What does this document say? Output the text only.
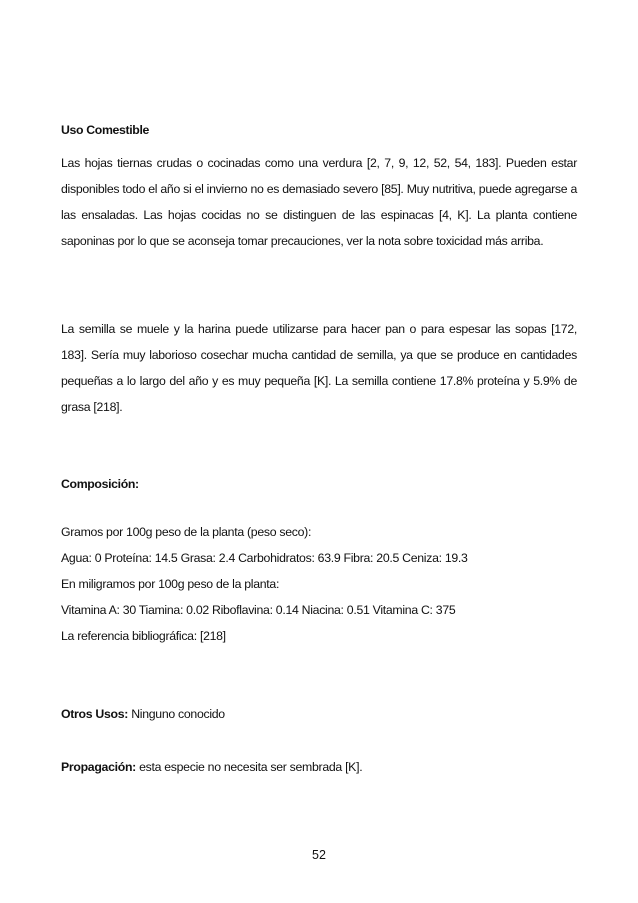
Uso Comestible

Las hojas tiernas crudas o cocinadas como una verdura [2, 7, 9, 12, 52, 54, 183]. Pueden estar disponibles todo el año si el invierno no es demasiado severo [85]. Muy nutritiva, puede agregarse a las ensaladas. Las hojas cocidas no se distinguen de las espinacas [4, K]. La planta contiene saponinas por lo que se aconseja tomar precauciones, ver la nota sobre toxicidad más arriba.

La semilla se muele y la harina puede utilizarse para hacer pan o para espesar las sopas [172, 183]. Sería muy laborioso cosechar mucha cantidad de semilla, ya que se produce en cantidades pequeñas a lo largo del año y es muy pequeña [K]. La semilla contiene 17.8% proteína y 5.9% de grasa [218].

Composición:

Gramos por 100g peso de la planta (peso seco):

Agua: 0 Proteína: 14.5 Grasa: 2.4 Carbohidratos: 63.9 Fibra: 20.5 Ceniza: 19.3

En miligramos por 100g peso de la planta:

Vitamina A: 30 Tiamina: 0.02 Riboflavina: 0.14 Niacina: 0.51 Vitamina C: 375

La referencia bibliográfica: [218]

Otros Usos: Ninguno conocido

Propagación: esta especie no necesita ser sembrada [K].

52
